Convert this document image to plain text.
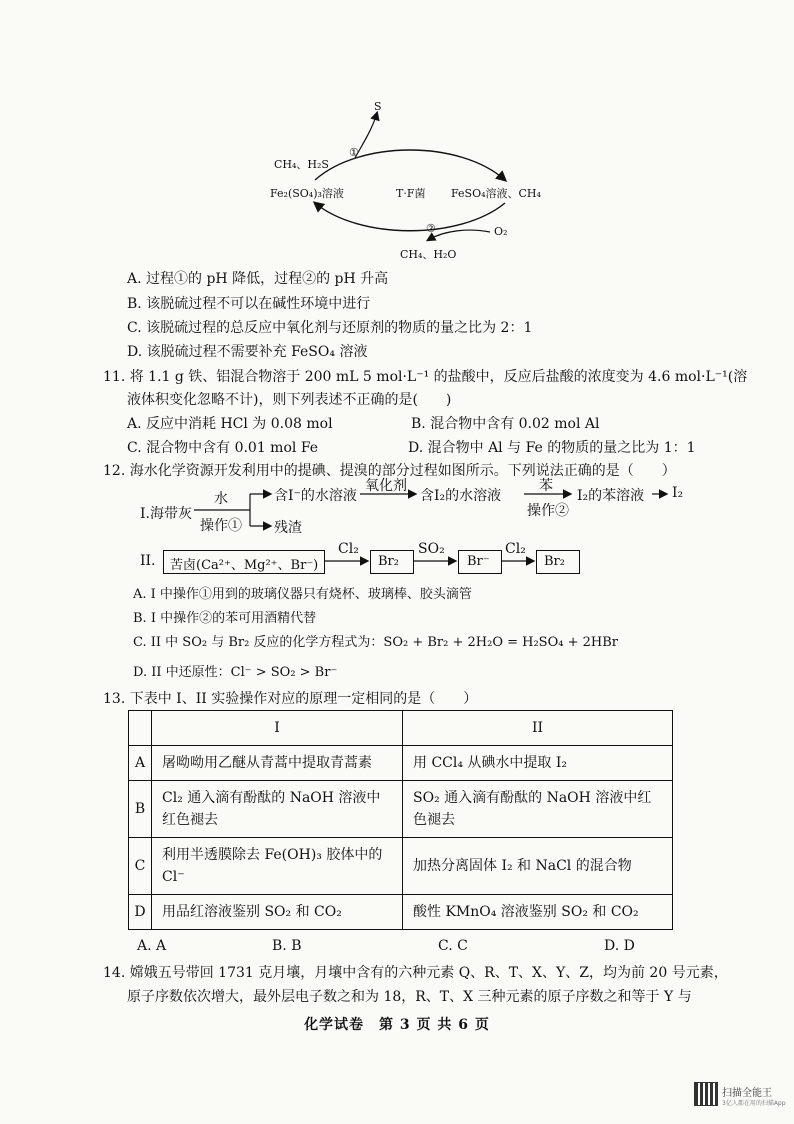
S
CH₄、H₂S
①
Fe₂(SO₄)₃溶液	T·F菌 FeSO₄溶液、CH₄
②	O₂
CH₄、H₂O
A. 过程①的 pH 降低，过程②的 pH 升高
B. 该脱硫过程不可以在碱性环境中进行
C. 该脱硫过程的总反应中氧化剂与还原剂的物质的量之比为 2：1
D. 该脱硫过程不需要补充 FeSO₄ 溶液
11. 将 1.1 g 铁、铝混合物溶于 200 mL 5 mol·L⁻¹ 的盐酸中，反应后盐酸的浓度变为 4.6 mol·L⁻¹(溶
液体积变化忽略不计)，则下列表述不正确的是(　　)
A. 反应中消耗 HCl 为 0.08 mol	B. 混合物中含有 0.02 mol Al
C. 混合物中含有 0.01 mol Fe	D. 混合物中 Al 与 Fe 的物质的量之比为 1：1
12. 海水化学资源开发利用中的提碘、提溴的部分过程如图所示。下列说法正确的是（　　）
I.海带灰
水
操作①
含I⁻的水溶液
氧化剂
含I₂的水溶液
苯
操作②
I₂的苯溶液 I₂
残渣
II. 苦卤(Ca²⁺、Mg²⁺、Br⁻)
Cl₂
Br₂
SO₂
Br⁻
Cl₂
Br₂
A. I 中操作①用到的玻璃仪器只有烧杯、玻璃棒、胶头滴管
B. I 中操作②的苯可用酒精代替
C. II 中 SO₂ 与 Br₂ 反应的化学方程式为：SO₂ + Br₂ + 2H₂O = H₂SO₄ + 2HBr
D. II 中还原性：Cl⁻ > SO₂ > Br⁻
13. 下表中 I、II 实验操作对应的原理一定相同的是（　　）
	I	II
A	屠呦呦用乙醚从青蒿中提取青蒿素	用 CCl₄ 从碘水中提取 I₂
B	Cl₂ 通入滴有酚酞的 NaOH 溶液中红色褪去	SO₂ 通入滴有酚酞的 NaOH 溶液中红色褪去
C	利用半透膜除去 Fe(OH)₃ 胶体中的 Cl⁻	加热分离固体 I₂ 和 NaCl 的混合物
D	用品红溶液鉴别 SO₂ 和 CO₂	酸性 KMnO₄ 溶液鉴别 SO₂ 和 CO₂
A. A	B. B	C. C	D. D
14. 嫦娥五号带回 1731 克月壤，月壤中含有的六种元素 Q、R、T、X、Y、Z，均为前 20 号元素，
原子序数依次增大，最外层电子数之和为 18，R、T、X 三种元素的原子序数之和等于 Y 与
化学试卷　第 3 页 共 6 页
扫描全能王
3亿人都在用的扫描App
